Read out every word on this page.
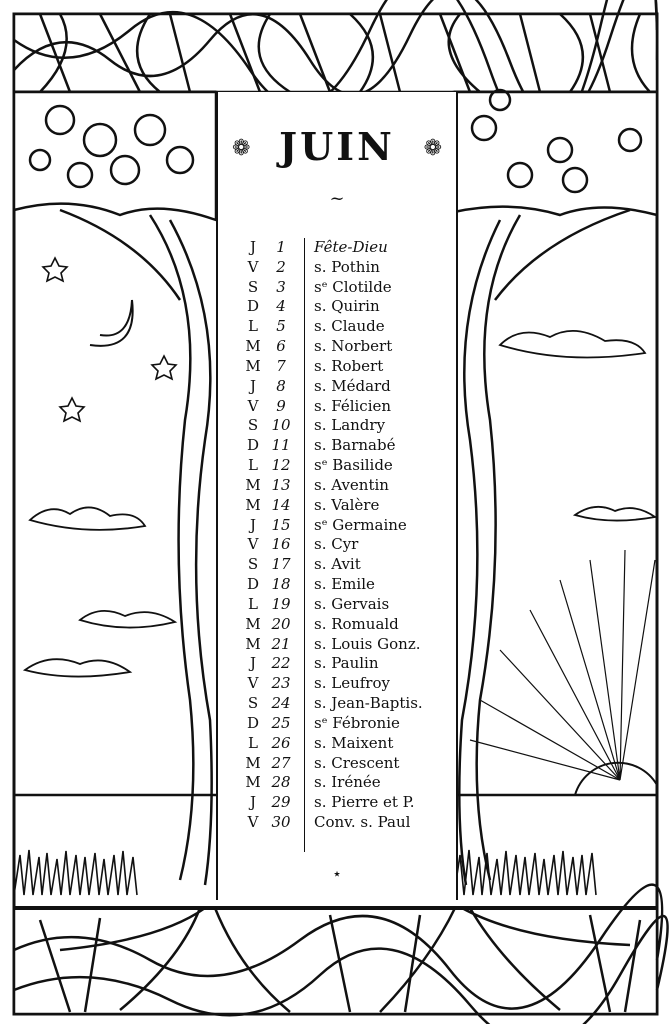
❁ JUIN	❁
~
J	1	Fête-Dieu
V	2	s. Pothin
S	3	sᵉ Clotilde
D	4	s. Quirin
L	5	s. Claude
M	6	s. Norbert
M	7	s. Robert
J	8	s. Médard
V	9	s. Félicien
S 10	s. Landry
D 11	s. Barnabé
L 12	sᵉ Basilide
M 13	s. Aventin
M 14	s. Valère
J	15	sᵉ Germaine
V 16	s. Cyr
S 17	s. Avit
D 18	s. Emile
L 19	s. Gervais
M 20	s. Romuald
M 21	s. Louis Gonz.
J	22	s. Paulin
V 23	s. Leufroy
S 24	s. Jean-Baptis.
D 25	sᵉ Fébronie
L 26	s. Maixent
M 27	s. Crescent
M 28	s. Irénée
J	29	s. Pierre et P.
V 30	Conv. s. Paul
⋆
